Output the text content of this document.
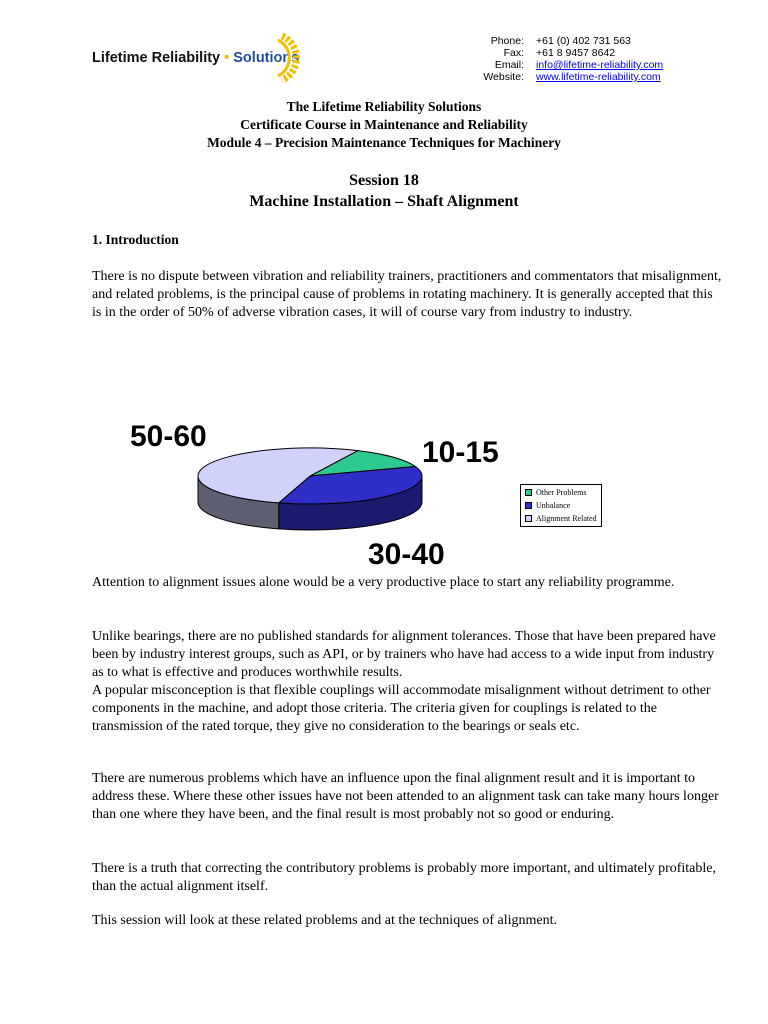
Lifetime Reliability • Solutions
Phone:	+61 (0) 402 731 563
Fax:	+61 8 9457 8642
Email:	info@lifetime-reliability.com
Website:	www.lifetime-reliability.com
The Lifetime Reliability Solutions
Certificate Course in Maintenance and Reliability
Module 4 – Precision Maintenance Techniques for Machinery
Session 18
Machine Installation – Shaft Alignment
1. Introduction

There is no dispute between vibration and reliability trainers, practitioners and commentators that misalignment, and related problems, is the principal cause of problems in rotating machinery. It is generally accepted that this is in the order of 50% of adverse vibration cases, it will of course vary from industry to industry.

50-60	10-15
Other Problems
Unbalance
Alignment Related
30-40

Attention to alignment issues alone would be a very productive place to start any reliability programme.

Unlike bearings, there are no published standards for alignment tolerances. Those that have been prepared have been by industry interest groups, such as API, or by trainers who have had access to a wide input from industry as to what is effective and produces worthwhile results.

A popular misconception is that flexible couplings will accommodate misalignment without detriment to other components in the machine, and adopt those criteria. The criteria given for couplings is related to the transmission of the rated torque, they give no consideration to the bearings or seals etc.

There are numerous problems which have an influence upon the final alignment result and it is important to address these. Where these other issues have not been attended to an alignment task can take many hours longer than one where they have been, and the final result is most probably not so good or enduring.

There is a truth that correcting the contributory problems is probably more important, and ultimately profitable, than the actual alignment itself.

This session will look at these related problems and at the techniques of alignment.
